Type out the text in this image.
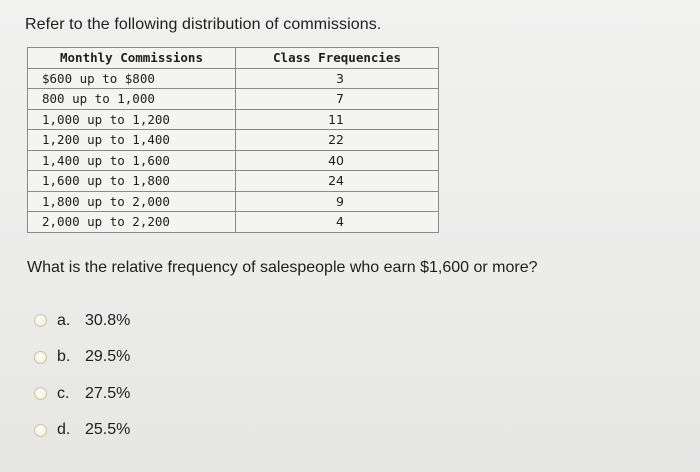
Refer to the following distribution of commissions.
Monthly Commissions	Class Frequencies
$600 up to $800	3
800 up to 1,000	7
1,000 up to 1,200	11
1,200 up to 1,400	22
1,400 up to 1,600	40
1,600 up to 1,800	24
1,800 up to 2,000	9
2,000 up to 2,200	4
What is the relative frequency of salespeople who earn $1,600 or more?
a. 30.8%
b. 29.5%
c. 27.5%
d. 25.5%
